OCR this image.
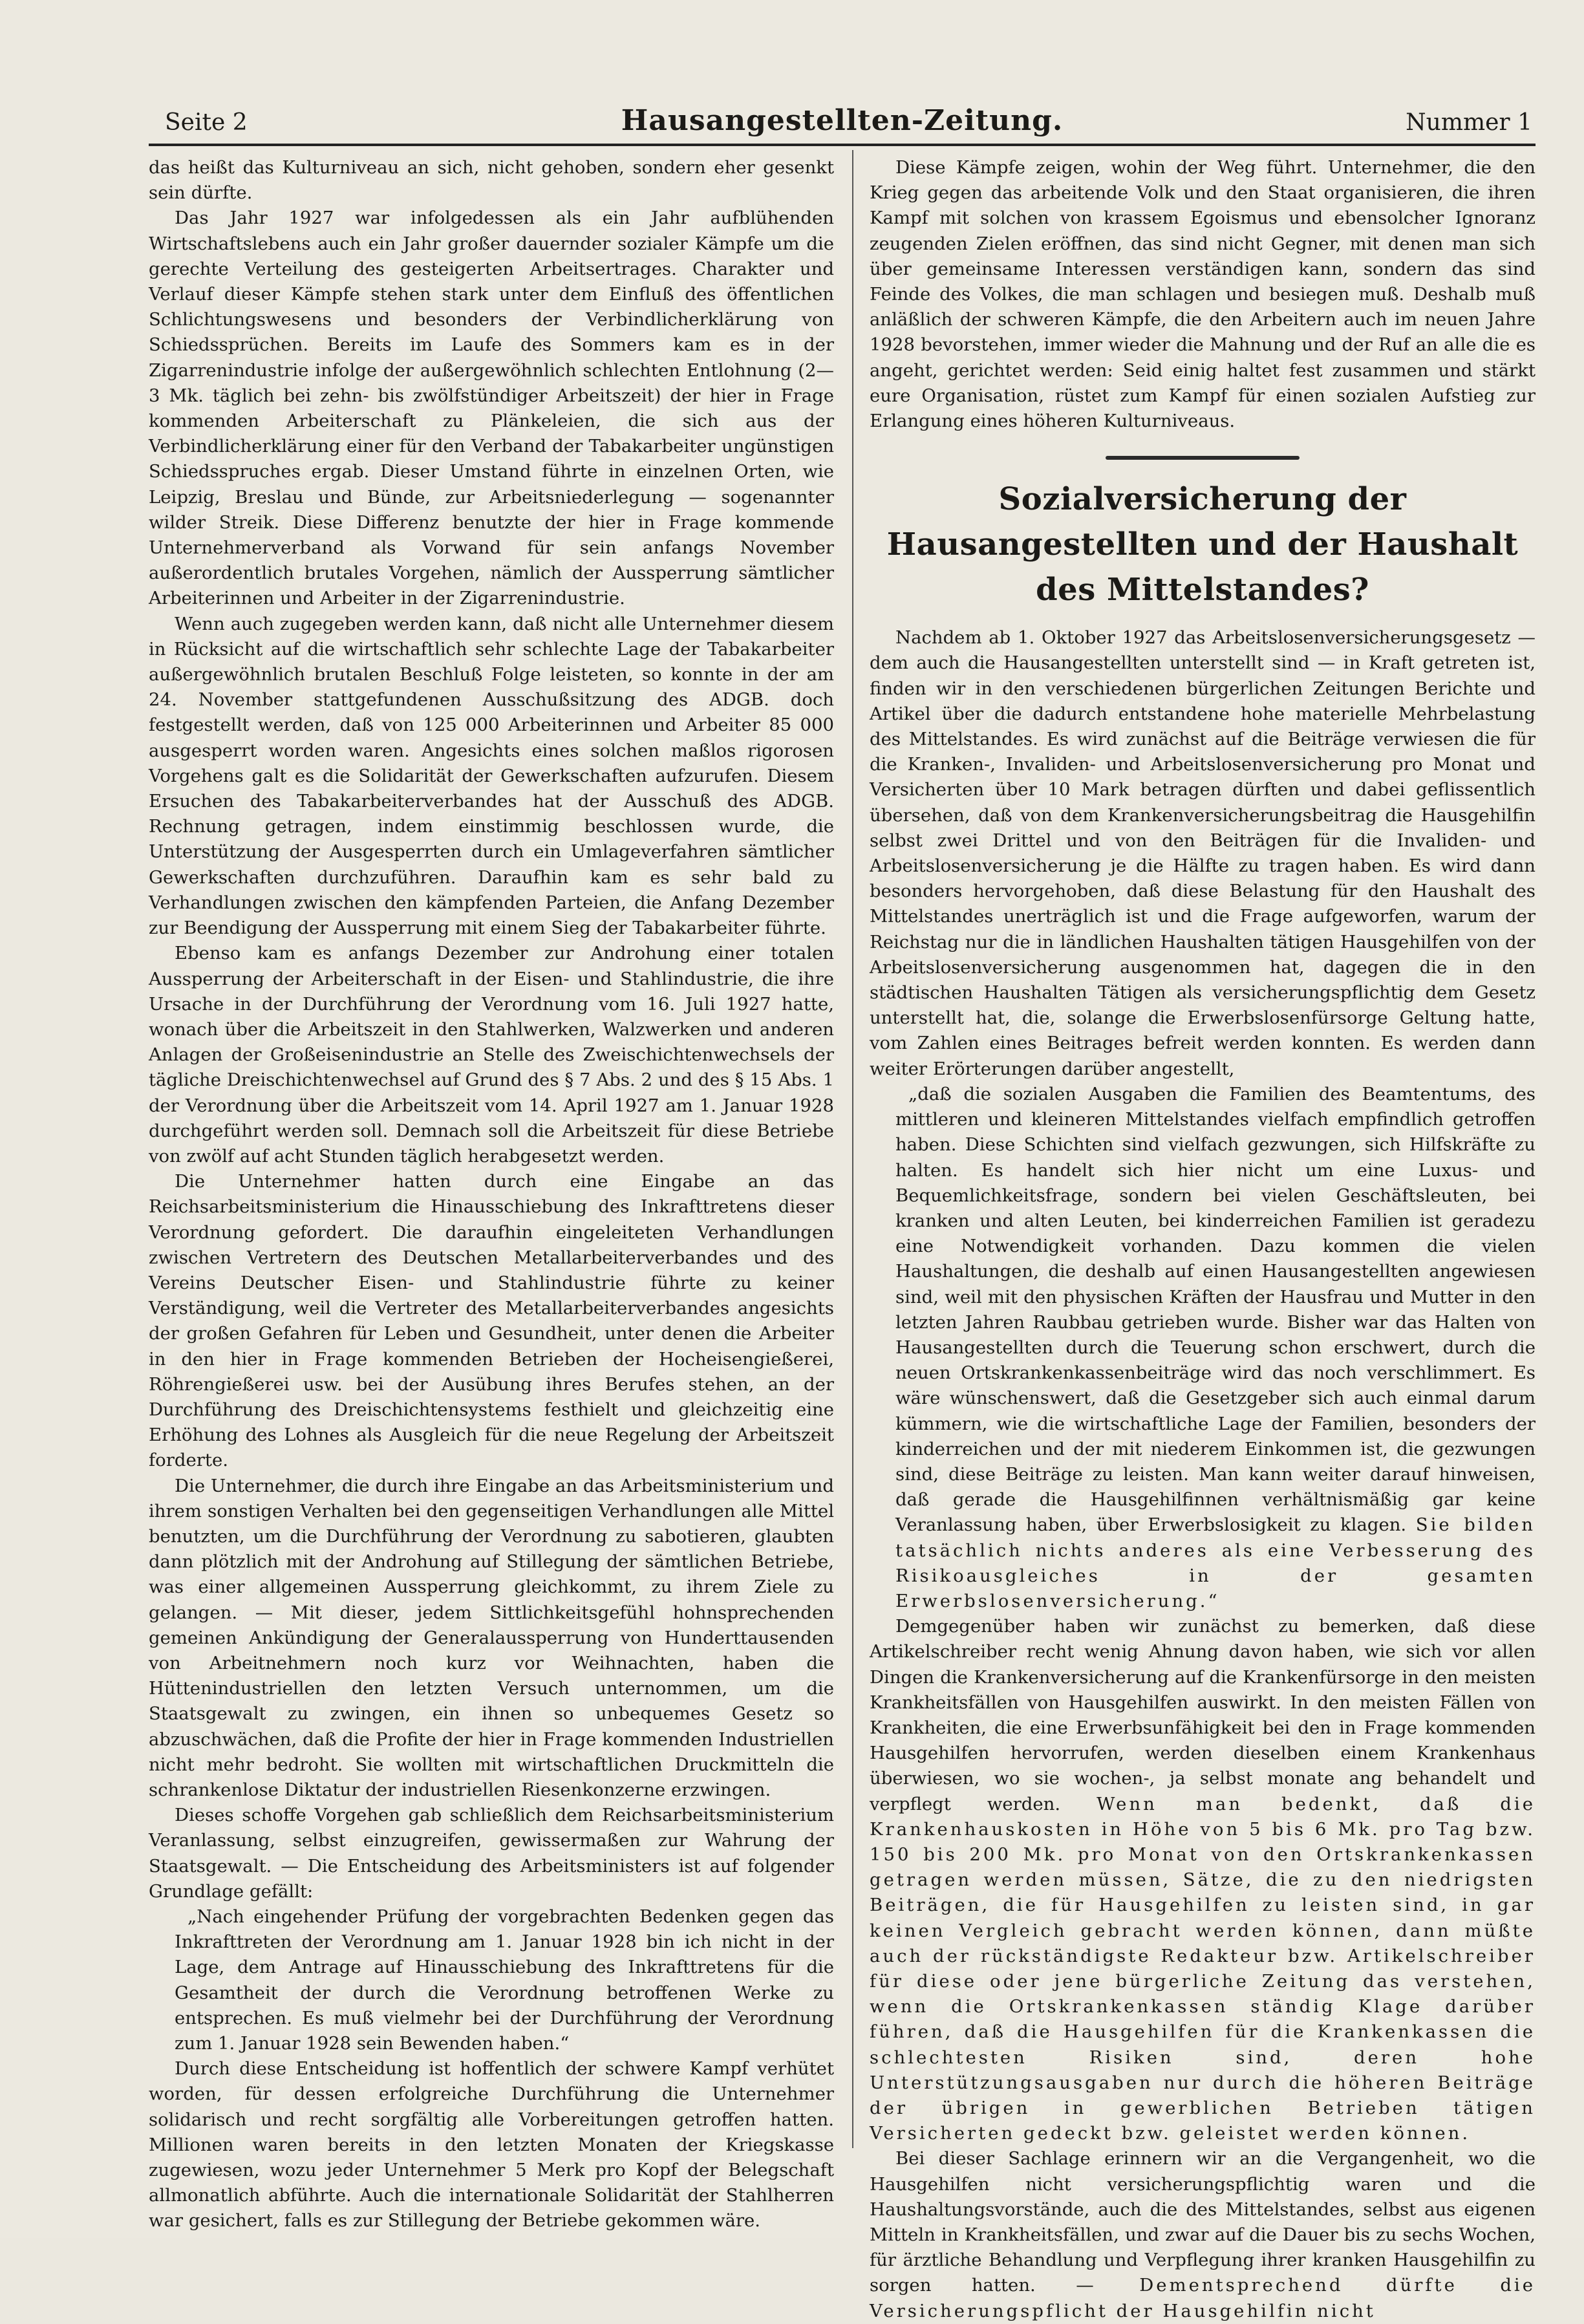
Seite 2	Hausangestellten-Zeitung.	Nummer 1

das heißt das Kulturniveau an sich, nicht gehoben, sondern eher gesenkt sein dürfte.

Das Jahr 1927 war infolgedessen als ein Jahr aufblühenden Wirtschaftslebens auch ein Jahr großer dauernder sozialer Kämpfe um die gerechte Verteilung des gesteigerten Arbeitsertrages. Charakter und Verlauf dieser Kämpfe stehen stark unter dem Einfluß des öffentlichen Schlichtungswesens und besonders der Verbindlicherklärung von Schiedssprüchen. Bereits im Laufe des Sommers kam es in der Zigarrenindustrie infolge der außergewöhnlich schlechten Entlohnung (2—3 Mk. täglich bei zehn- bis zwölfstündiger Arbeitszeit) der hier in Frage kommenden Arbeiterschaft zu Plänkeleien, die sich aus der Verbindlicherklärung einer für den Verband der Tabakarbeiter ungünstigen Schiedsspruches ergab. Dieser Umstand führte in einzelnen Orten, wie Leipzig, Breslau und Bünde, zur Arbeitsniederlegung — sogenannter wilder Streik. Diese Differenz benutzte der hier in Frage kommende Unternehmerverband als Vorwand für sein anfangs November außerordentlich brutales Vorgehen, nämlich der Aussperrung sämtlicher Arbeiterinnen und Arbeiter in der Zigarrenindustrie.

Wenn auch zugegeben werden kann, daß nicht alle Unternehmer diesem in Rücksicht auf die wirtschaftlich sehr schlechte Lage der Tabakarbeiter außergewöhnlich brutalen Beschluß Folge leisteten, so konnte in der am 24. November stattgefundenen Ausschußsitzung des ADGB. doch festgestellt werden, daß von 125 000 Arbeiterinnen und Arbeiter 85 000 ausgesperrt worden waren. Angesichts eines solchen maßlos rigorosen Vorgehens galt es die Solidarität der Gewerkschaften aufzurufen. Diesem Ersuchen des Tabakarbeiterverbandes hat der Ausschuß des ADGB. Rechnung getragen, indem einstimmig beschlossen wurde, die Unterstützung der Ausgesperrten durch ein Umlageverfahren sämtlicher Gewerkschaften durchzuführen. Daraufhin kam es sehr bald zu Verhandlungen zwischen den kämpfenden Parteien, die Anfang Dezember zur Beendigung der Aussperrung mit einem Sieg der Tabakarbeiter führte.

Ebenso kam es anfangs Dezember zur Androhung einer totalen Aussperrung der Arbeiterschaft in der Eisen- und Stahlindustrie, die ihre Ursache in der Durchführung der Verordnung vom 16. Juli 1927 hatte, wonach über die Arbeitszeit in den Stahlwerken, Walzwerken und anderen Anlagen der Großeisenindustrie an Stelle des Zweischichtenwechsels der tägliche Dreischichtenwechsel auf Grund des § 7 Abs. 2 und des § 15 Abs. 1 der Verordnung über die Arbeitszeit vom 14. April 1927 am 1. Januar 1928 durchgeführt werden soll. Demnach soll die Arbeitszeit für diese Betriebe von zwölf auf acht Stunden täglich herabgesetzt werden.

Die Unternehmer hatten durch eine Eingabe an das Reichsarbeitsministerium die Hinausschiebung des Inkrafttretens dieser Verordnung gefordert. Die daraufhin eingeleiteten Verhandlungen zwischen Vertretern des Deutschen Metallarbeiterverbandes und des Vereins Deutscher Eisen- und Stahlindustrie führte zu keiner Verständigung, weil die Vertreter des Metallarbeiterverbandes angesichts der großen Gefahren für Leben und Gesundheit, unter denen die Arbeiter in den hier in Frage kommenden Betrieben der Hocheisengießerei, Röhrengießerei usw. bei der Ausübung ihres Berufes stehen, an der Durchführung des Dreischichtensystems festhielt und gleichzeitig eine Erhöhung des Lohnes als Ausgleich für die neue Regelung der Arbeitszeit forderte.

Die Unternehmer, die durch ihre Eingabe an das Arbeitsministerium und ihrem sonstigen Verhalten bei den gegenseitigen Verhandlungen alle Mittel benutzten, um die Durchführung der Verordnung zu sabotieren, glaubten dann plötzlich mit der Androhung auf Stillegung der sämtlichen Betriebe, was einer allgemeinen Aussperrung gleichkommt, zu ihrem Ziele zu gelangen. — Mit dieser, jedem Sittlichkeitsgefühl hohnsprechenden gemeinen Ankündigung der Generalaussperrung von Hunderttausenden von Arbeitnehmern noch kurz vor Weihnachten, haben die Hüttenindustriellen den letzten Versuch unternommen, um die Staatsgewalt zu zwingen, ein ihnen so unbequemes Gesetz so abzuschwächen, daß die Profite der hier in Frage kommenden Industriellen nicht mehr bedroht. Sie wollten mit wirtschaftlichen Druckmitteln die schrankenlose Diktatur der industriellen Riesenkonzerne erzwingen.

Dieses schoffe Vorgehen gab schließlich dem Reichsarbeitsministerium Veranlassung, selbst einzugreifen, gewissermaßen zur Wahrung der Staatsgewalt. — Die Entscheidung des Arbeitsministers ist auf folgender Grundlage gefällt:

„Nach eingehender Prüfung der vorgebrachten Bedenken gegen das Inkrafttreten der Verordnung am 1. Januar 1928 bin ich nicht in der Lage, dem Antrage auf Hinausschiebung des Inkrafttretens für die Gesamtheit der durch die Verordnung betroffenen Werke zu entsprechen. Es muß vielmehr bei der Durchführung der Verordnung zum 1. Januar 1928 sein Bewenden haben.“

Durch diese Entscheidung ist hoffentlich der schwere Kampf verhütet worden, für dessen erfolgreiche Durchführung die Unternehmer solidarisch und recht sorgfältig alle Vorbereitungen getroffen hatten. Millionen waren bereits in den letzten Monaten der Kriegskasse zugewiesen, wozu jeder Unternehmer 5 Merk pro Kopf der Belegschaft allmonatlich abführte. Auch die internationale Solidarität der Stahlherren war gesichert, falls es zur Stillegung der Betriebe gekommen wäre.

Diese Kämpfe zeigen, wohin der Weg führt. Unternehmer, die den Krieg gegen das arbeitende Volk und den Staat organisieren, die ihren Kampf mit solchen von krassem Egoismus und ebensolcher Ignoranz zeugenden Zielen eröffnen, das sind nicht Gegner, mit denen man sich über gemeinsame Interessen verständigen kann, sondern das sind Feinde des Volkes, die man schlagen und besiegen muß. Deshalb muß anläßlich der schweren Kämpfe, die den Arbeitern auch im neuen Jahre 1928 bevorstehen, immer wieder die Mahnung und der Ruf an alle die es angeht, gerichtet werden: Seid einig haltet fest zusammen und stärkt eure Organisation, rüstet zum Kampf für einen sozialen Aufstieg zur Erlangung eines höheren Kulturniveaus.

Sozialversicherung der Hausangestellten und der Haushalt des Mittelstandes?

Nachdem ab 1. Oktober 1927 das Arbeitslosenversicherungsgesetz — dem auch die Hausangestellten unterstellt sind — in Kraft getreten ist, finden wir in den verschiedenen bürgerlichen Zeitungen Berichte und Artikel über die dadurch entstandene hohe materielle Mehrbelastung des Mittelstandes. Es wird zunächst auf die Beiträge verwiesen die für die Kranken-, Invaliden- und Arbeitslosenversicherung pro Monat und Versicherten über 10 Mark betragen dürften und dabei geflissentlich übersehen, daß von dem Krankenversicherungsbeitrag die Hausgehilfin selbst zwei Drittel und von den Beiträgen für die Invaliden- und Arbeitslosenversicherung je die Hälfte zu tragen haben. Es wird dann besonders hervorgehoben, daß diese Belastung für den Haushalt des Mittelstandes unerträglich ist und die Frage aufgeworfen, warum der Reichstag nur die in ländlichen Haushalten tätigen Hausgehilfen von der Arbeitslosenversicherung ausgenommen hat, dagegen die in den städtischen Haushalten Tätigen als versicherungspflichtig dem Gesetz unterstellt hat, die, solange die Erwerbslosenfürsorge Geltung hatte, vom Zahlen eines Beitrages befreit werden konnten. Es werden dann weiter Erörterungen darüber angestellt,

„daß die sozialen Ausgaben die Familien des Beamtentums, des mittleren und kleineren Mittelstandes vielfach empfindlich getroffen haben. Diese Schichten sind vielfach gezwungen, sich Hilfskräfte zu halten. Es handelt sich hier nicht um eine Luxus- und Bequemlichkeitsfrage, sondern bei vielen Geschäftsleuten, bei kranken und alten Leuten, bei kinderreichen Familien ist geradezu eine Notwendigkeit vorhanden. Dazu kommen die vielen Haushaltungen, die deshalb auf einen Hausangestellten angewiesen sind, weil mit den physischen Kräften der Hausfrau und Mutter in den letzten Jahren Raubbau getrieben wurde. Bisher war das Halten von Hausangestellten durch die Teuerung schon erschwert, durch die neuen Ortskrankenkassenbeiträge wird das noch verschlimmert. Es wäre wünschenswert, daß die Gesetzgeber sich auch einmal darum kümmern, wie die wirtschaftliche Lage der Familien, besonders der kinderreichen und der mit niederem Einkommen ist, die gezwungen sind, diese Beiträge zu leisten. Man kann weiter darauf hinweisen, daß gerade die Hausgehilfinnen verhältnismäßig gar keine Veranlassung haben, über Erwerbslosigkeit zu klagen. Sie bilden tatsächlich nichts anderes als eine Verbesserung des Risikoausgleiches in der gesamten Erwerbslosenversicherung.“

Demgegenüber haben wir zunächst zu bemerken, daß diese Artikelschreiber recht wenig Ahnung davon haben, wie sich vor allen Dingen die Krankenversicherung auf die Krankenfürsorge in den meisten Krankheitsfällen von Hausgehilfen auswirkt. In den meisten Fällen von Krankheiten, die eine Erwerbsunfähigkeit bei den in Frage kommenden Hausgehilfen hervorrufen, werden dieselben einem Krankenhaus überwiesen, wo sie wochen-, ja selbst monate ang behandelt und verpflegt werden. Wenn man bedenkt, daß die Krankenhauskosten in Höhe von 5 bis 6 Mk. pro Tag bzw. 150 bis 200 Mk. pro Monat von den Ortskrankenkassen getragen werden müssen, Sätze, die zu den niedrigsten Beiträgen, die für Hausgehilfen zu leisten sind, in gar keinen Vergleich gebracht werden können, dann müßte auch der rückständigste Redakteur bzw. Artikelschreiber für diese oder jene bürgerliche Zeitung das verstehen, wenn die Ortskrankenkassen ständig Klage darüber führen, daß die Hausgehilfen für die Krankenkassen die schlechtesten Risiken sind, deren hohe Unterstützungsausgaben nur durch die höheren Beiträge der übrigen in gewerblichen Betrieben tätigen Versicherten gedeckt bzw. geleistet werden können.

Bei dieser Sachlage erinnern wir an die Vergangenheit, wo die Hausgehilfen nicht versicherungspflichtig waren und die Haushaltungsvorstände, auch die des Mittelstandes, selbst aus eigenen Mitteln in Krankheitsfällen, und zwar auf die Dauer bis zu sechs Wochen, für ärztliche Behandlung und Verpflegung ihrer kranken Hausgehilfin zu sorgen hatten. — Dementsprechend dürfte die Versicherungspflicht der Hausgehilfin nicht
